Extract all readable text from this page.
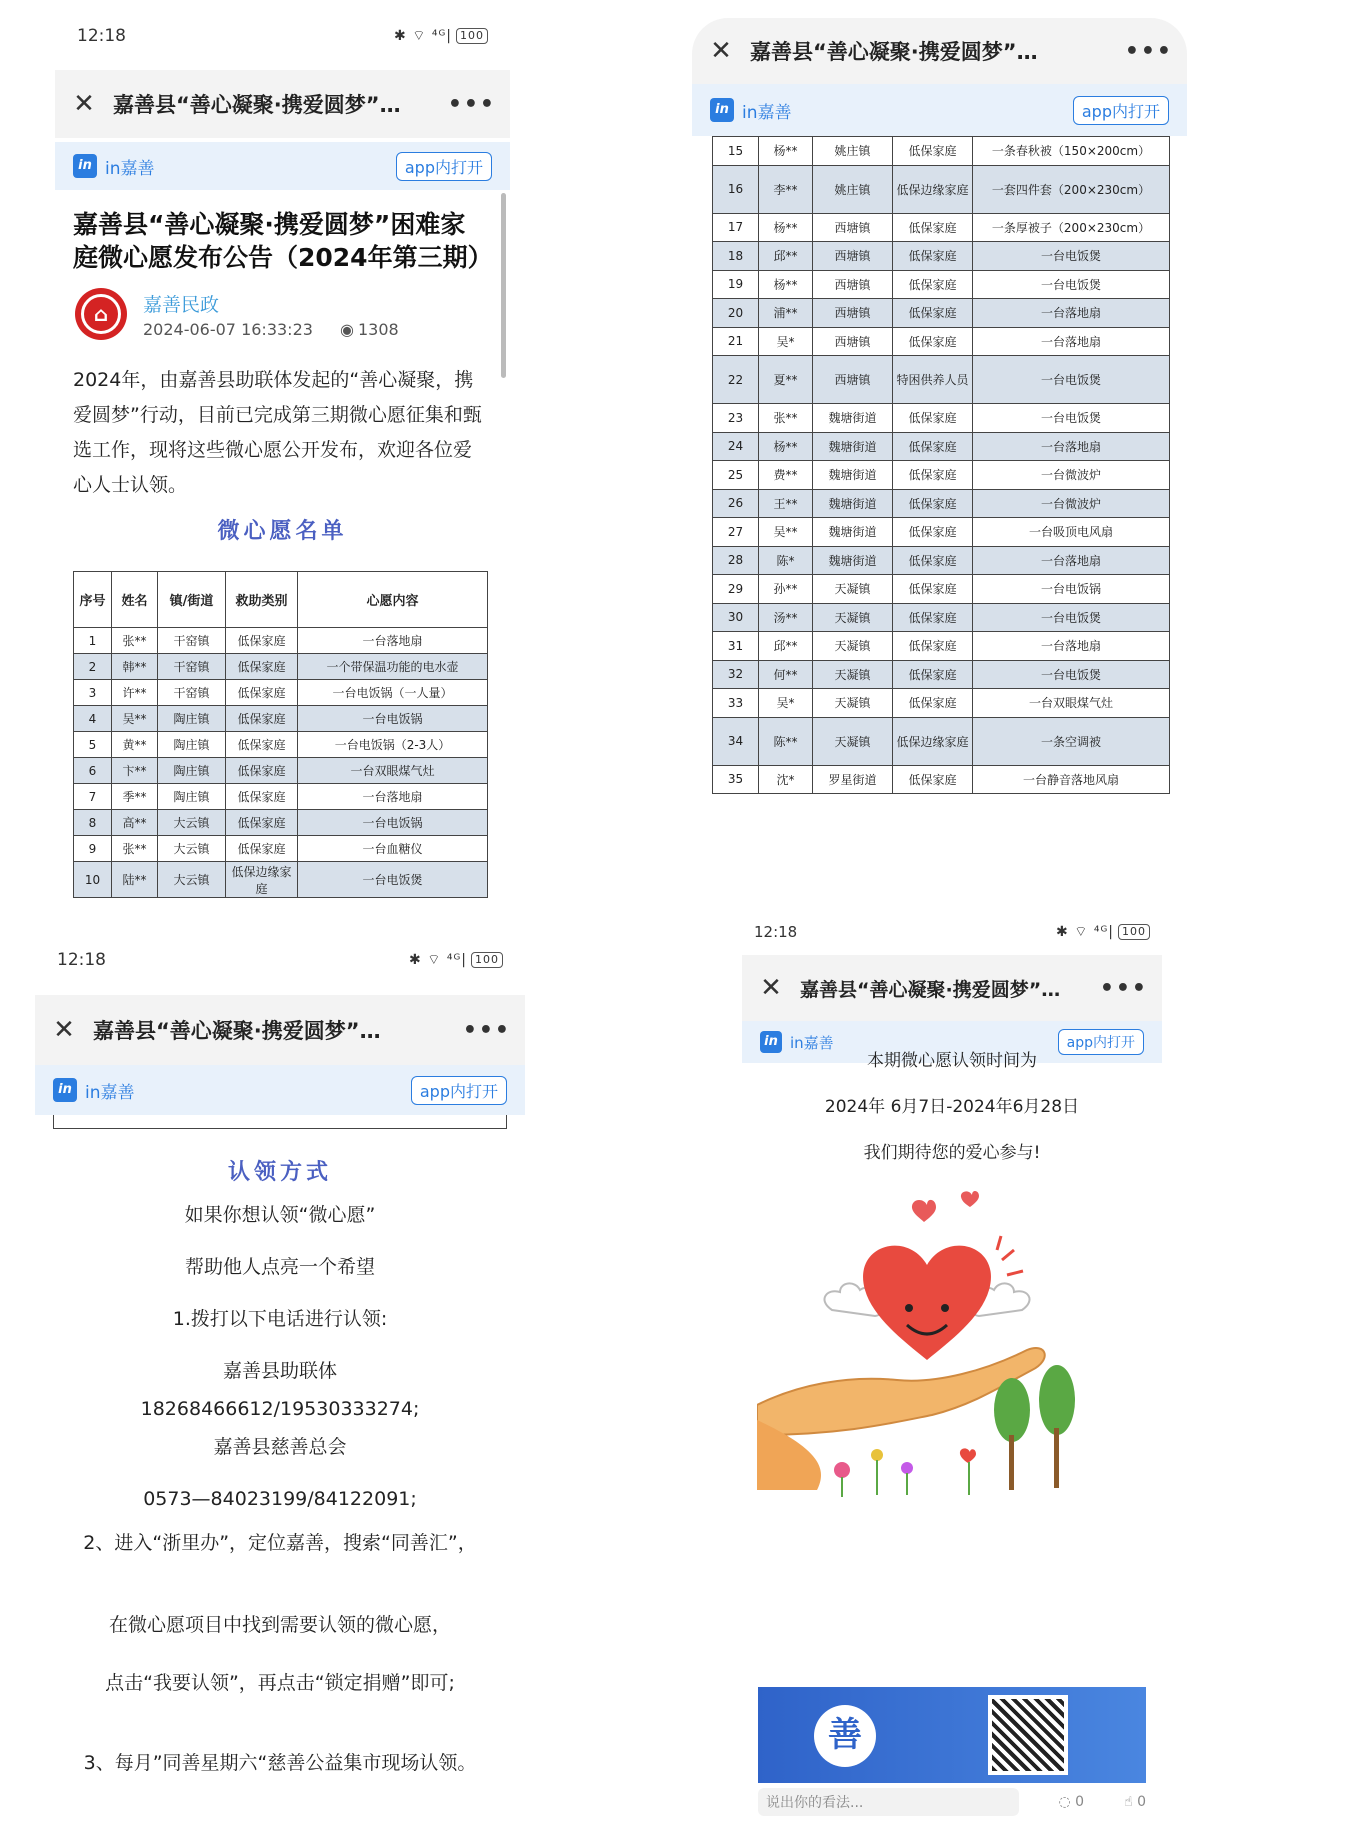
12:18	✱ ⌔ ⁴ᴳ| 100
✕ 嘉善县“善心凝聚·携爱圆梦”…	•••
in in嘉善	app内打开
嘉善县“善心凝聚·携爱圆梦”困难家庭微心愿发布公告（2024年第三期）
⌂	嘉善民政
2024-06-07 16:33:23 ◉ 1308
2024年，由嘉善县助联体发起的“善心凝聚，携爱圆梦”行动，目前已完成第三期微心愿征集和甄选工作，现将这些微心愿公开发布，欢迎各位爱心人士认领。
微心愿名单
序号	姓名	镇/街道	救助类别	心愿内容
1	张**	干窑镇	低保家庭	一台落地扇
2	韩**	干窑镇	低保家庭	一个带保温功能的电水壶
3	许**	干窑镇	低保家庭	一台电饭锅（一人量）
4	吴**	陶庄镇	低保家庭	一台电饭锅
5	黄**	陶庄镇	低保家庭	一台电饭锅（2-3人）
6	卞**	陶庄镇	低保家庭	一台双眼煤气灶
7	季**	陶庄镇	低保家庭	一台落地扇
8	高**	大云镇	低保家庭	一台电饭锅
9	张**	大云镇	低保家庭	一台血糖仪
10	陆**	大云镇	低保边缘家庭	一台电饭煲
✕ 嘉善县“善心凝聚·携爱圆梦”…	•••
in in嘉善	app内打开
15	杨**	姚庄镇	低保家庭	一条春秋被（150×200cm）
16	李**	姚庄镇	低保边缘家庭	一套四件套（200×230cm）
17	杨**	西塘镇	低保家庭	一条厚被子（200×230cm）
18	邱**	西塘镇	低保家庭	一台电饭煲
19	杨**	西塘镇	低保家庭	一台电饭煲
20	浦**	西塘镇	低保家庭	一台落地扇
21	吴*	西塘镇	低保家庭	一台落地扇
22	夏**	西塘镇	特困供养人员	一台电饭煲
23	张**	魏塘街道	低保家庭	一台电饭煲
24	杨**	魏塘街道	低保家庭	一台落地扇
25	费**	魏塘街道	低保家庭	一台微波炉
26	王**	魏塘街道	低保家庭	一台微波炉
27	吴**	魏塘街道	低保家庭	一台吸顶电风扇
28	陈*	魏塘街道	低保家庭	一台落地扇
29	孙**	天凝镇	低保家庭	一台电饭锅
30	汤**	天凝镇	低保家庭	一台电饭煲
31	邱**	天凝镇	低保家庭	一台落地扇
32	何**	天凝镇	低保家庭	一台电饭煲
33	吴*	天凝镇	低保家庭	一台双眼煤气灶
34	陈**	天凝镇	低保边缘家庭	一条空调被
35	沈*	罗星街道	低保家庭	一台静音落地风扇
12:18	✱ ⌔ ⁴ᴳ| 100
✕ 嘉善县“善心凝聚·携爱圆梦”…	•••
in in嘉善	app内打开
认领方式
如果你想认领“微心愿”
帮助他人点亮一个希望
1.拨打以下电话进行认领:
嘉善县助联体
18268466612/19530333274;
嘉善县慈善总会
0573—84023199/84122091;
2、进入“浙里办”，定位嘉善，搜索“同善汇”，
在微心愿项目中找到需要认领的微心愿，
点击“我要认领”，再点击“锁定捐赠”即可;
3、每月”同善星期六“慈善公益集市现场认领。
12:18	✱ ⌔ ⁴ᴳ| 100
✕ 嘉善县“善心凝聚·携爱圆梦”…	•••
in in嘉善	app内打开
本期微心愿认领时间为
2024年 6月7日-2024年6月28日
我们期待您的爱心参与!
善
说出你的看法...	◌ 0	☝ 0
